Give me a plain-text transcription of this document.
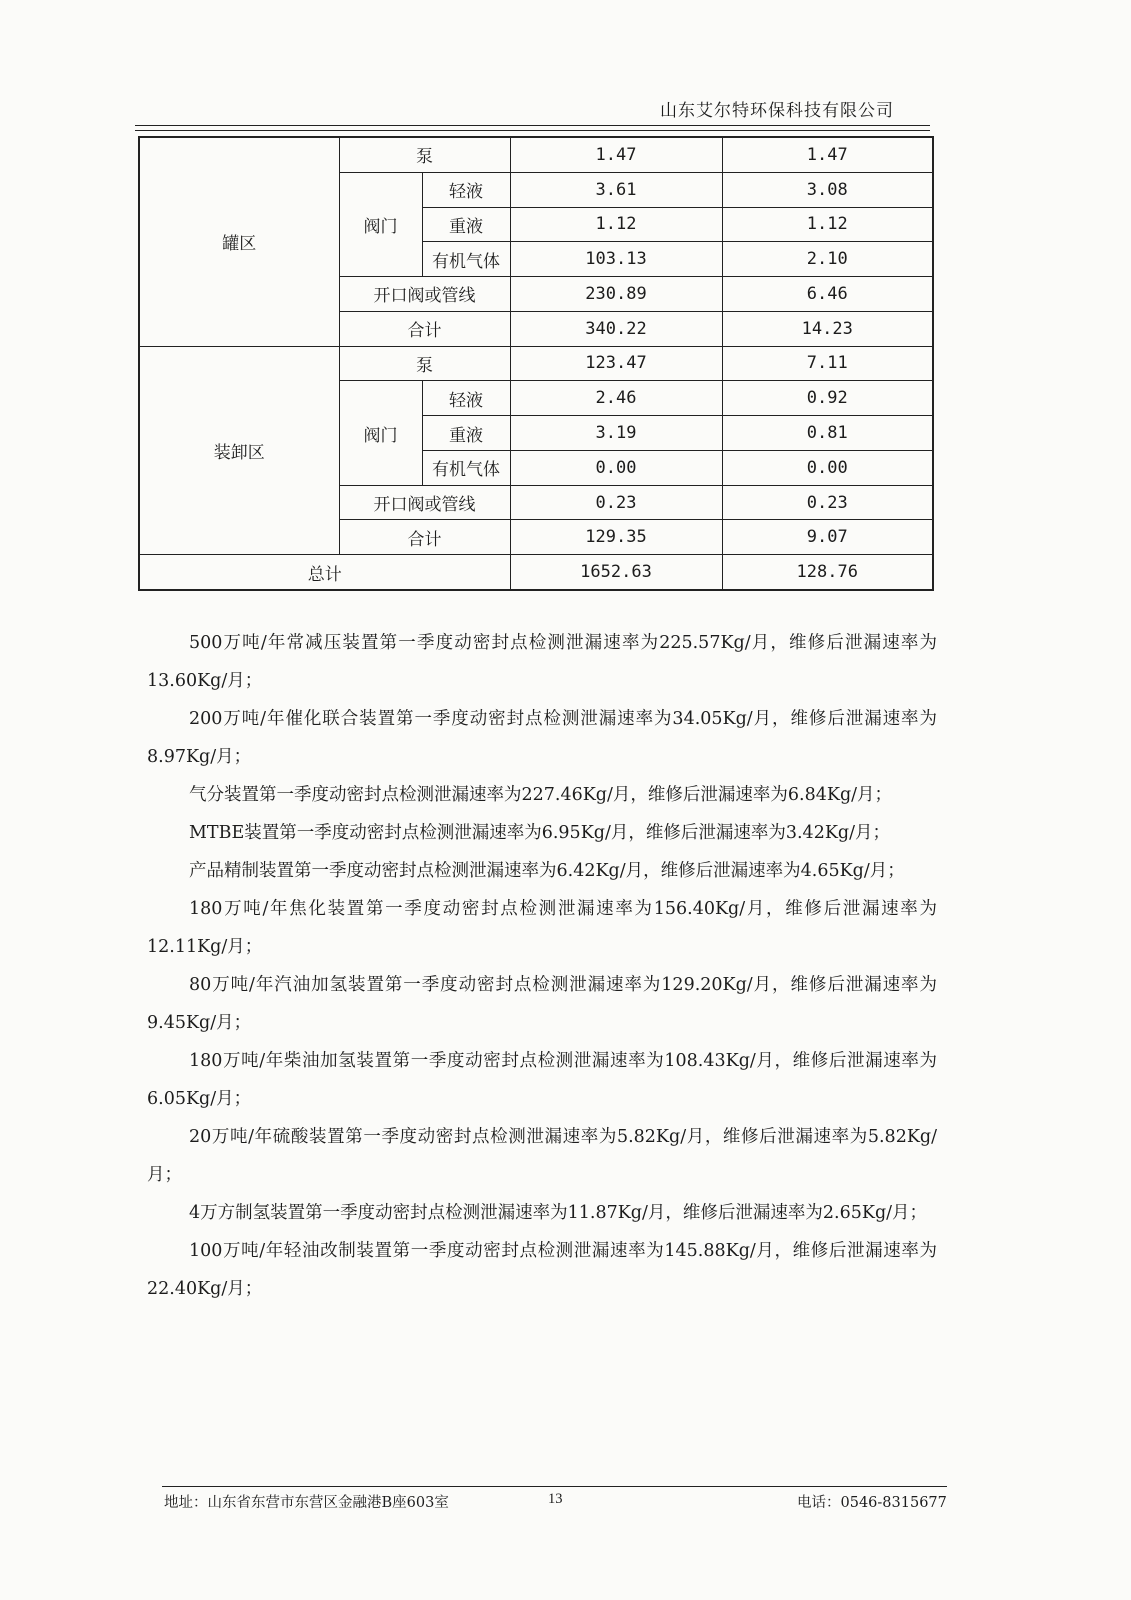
山东艾尔特环保科技有限公司
罐区	泵		1.47	1.47
	阀门	轻液	3.61	3.08
		重液	1.12	1.12
		有机气体	103.13	2.10
	开口阀或管线		230.89	6.46
	合计		340.22	14.23
装卸区	泵		123.47	7.11
	阀门	轻液	2.46	0.92
		重液	3.19	0.81
		有机气体	0.00	0.00
	开口阀或管线		0.23	0.23
	合计		129.35	9.07
总计			1652.63	128.76

500万吨/年常减压装置第一季度动密封点检测泄漏速率为225.57Kg/月，维修后泄漏速率为13.60Kg/月；

200万吨/年催化联合装置第一季度动密封点检测泄漏速率为34.05Kg/月，维修后泄漏速率为8.97Kg/月；

气分装置第一季度动密封点检测泄漏速率为227.46Kg/月，维修后泄漏速率为6.84Kg/月；

MTBE装置第一季度动密封点检测泄漏速率为6.95Kg/月，维修后泄漏速率为3.42Kg/月；

产品精制装置第一季度动密封点检测泄漏速率为6.42Kg/月，维修后泄漏速率为4.65Kg/月；

180万吨/年焦化装置第一季度动密封点检测泄漏速率为156.40Kg/月，维修后泄漏速率为12.11Kg/月；

80万吨/年汽油加氢装置第一季度动密封点检测泄漏速率为129.20Kg/月，维修后泄漏速率为9.45Kg/月；

180万吨/年柴油加氢装置第一季度动密封点检测泄漏速率为108.43Kg/月，维修后泄漏速率为6.05Kg/月；

20万吨/年硫酸装置第一季度动密封点检测泄漏速率为5.82Kg/月，维修后泄漏速率为5.82Kg/月；

4万方制氢装置第一季度动密封点检测泄漏速率为11.87Kg/月，维修后泄漏速率为2.65Kg/月；

100万吨/年轻油改制装置第一季度动密封点检测泄漏速率为145.88Kg/月，维修后泄漏速率为22.40Kg/月；

地址：山东省东营市东营区金融港B座603室	13	电话：0546-8315677
